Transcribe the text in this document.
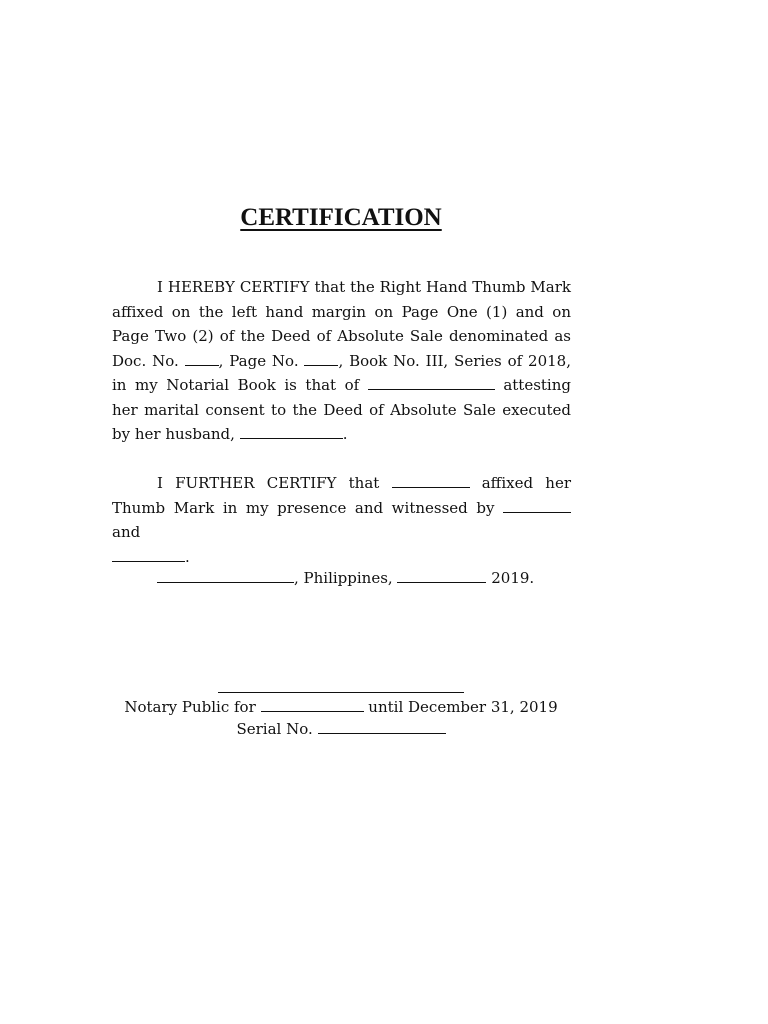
CERTIFICATION
I HEREBY CERTIFY that the Right Hand Thumb Mark affixed on the left hand margin on Page One (1) and on Page Two (2) of the Deed of Absolute Sale denominated as Doc. No. , Page No. , Book No. III, Series of 2018, in my Notarial Book is that of	attesting her marital consent to the Deed of Absolute Sale executed by her husband,	.
I FURTHER CERTIFY that	affixed her Thumb Mark in my presence and witnessed by  and
.
, Philippines,	2019.
Notary Public for	until December 31, 2019
Serial No.
